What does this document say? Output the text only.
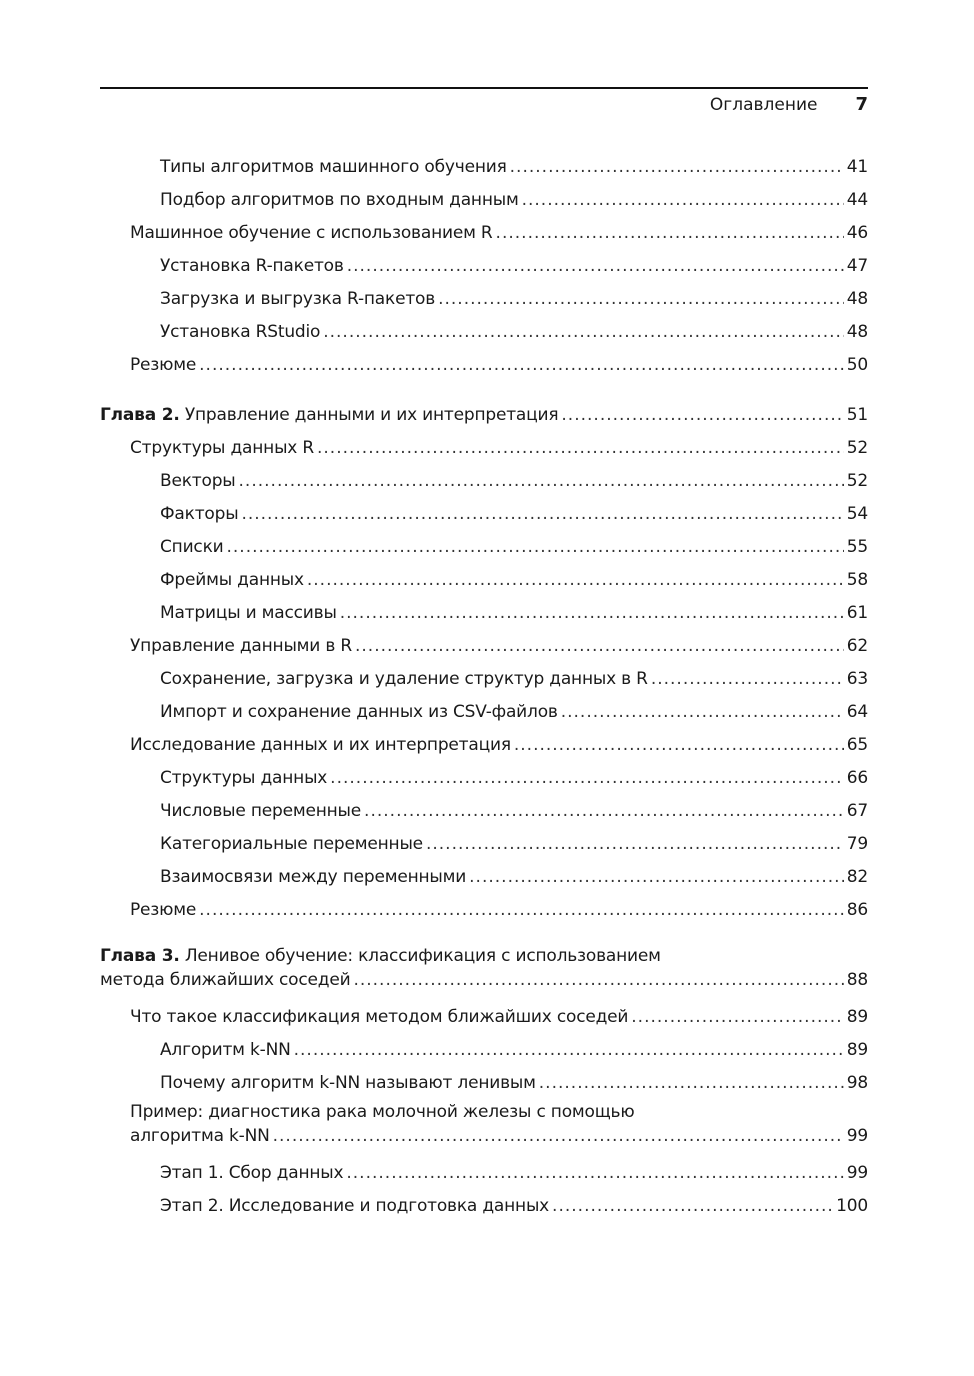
Оглавление 7
Типы алгоритмов машинного обучения .....	41
Подбор алгоритмов по входным данным .....	44
Машинное обучение с использованием R .....	46
Установка R-пакетов .....	47
Загрузка и выгрузка R-пакетов .....	48
Установка RStudio .....	48
Резюме .....	50
Глава 2. Управление данными и их интерпретация .....	51
Структуры данных R .....	52
Векторы .....	52
Факторы .....	54
Списки .....	55
Фреймы данных .....	58
Матрицы и массивы .....	61
Управление данными в R .....	62
Сохранение, загрузка и удаление структур данных в R .....	63
Импорт и сохранение данных из CSV-файлов .....	64
Исследование данных и их интерпретация .....	65
Структуры данных .....	66
Числовые переменные .....	67
Категориальные переменные .....	79
Взаимосвязи между переменными .....	82
Резюме .....	86
Глава 3. Ленивое обучение: классификация с использованием
метода ближайших соседей .....	88
Что такое классификация методом ближайших соседей .....	89
Алгоритм k-NN .....	89
Почему алгоритм k-NN называют ленивым .....	98
Пример: диагностика рака молочной железы с помощью
алгоритма k-NN .....	99
Этап 1. Сбор данных .....	99
Этап 2. Исследование и подготовка данных .....	100
